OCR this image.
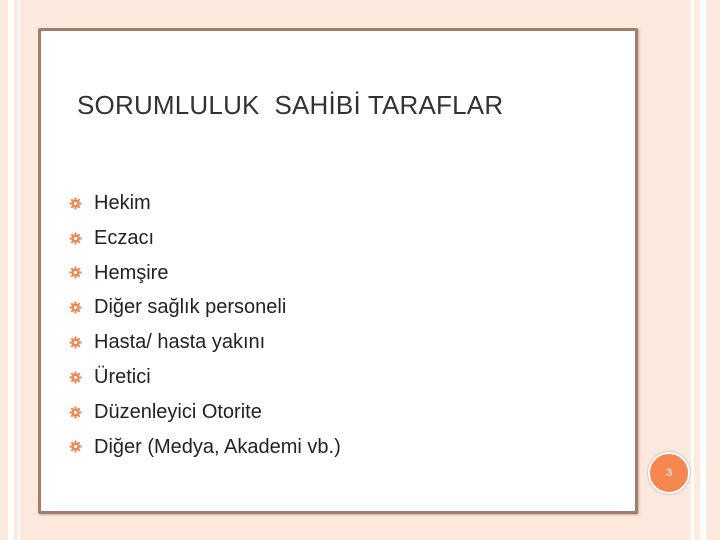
SORUMLULUK  SAHİBİ TARAFLAR
Hekim
Eczacı
Hemşire
Diğer sağlık personeli
Hasta/ hasta yakını
Üretici
Düzenleyici Otorite
Diğer (Medya, Akademi vb.)
3
